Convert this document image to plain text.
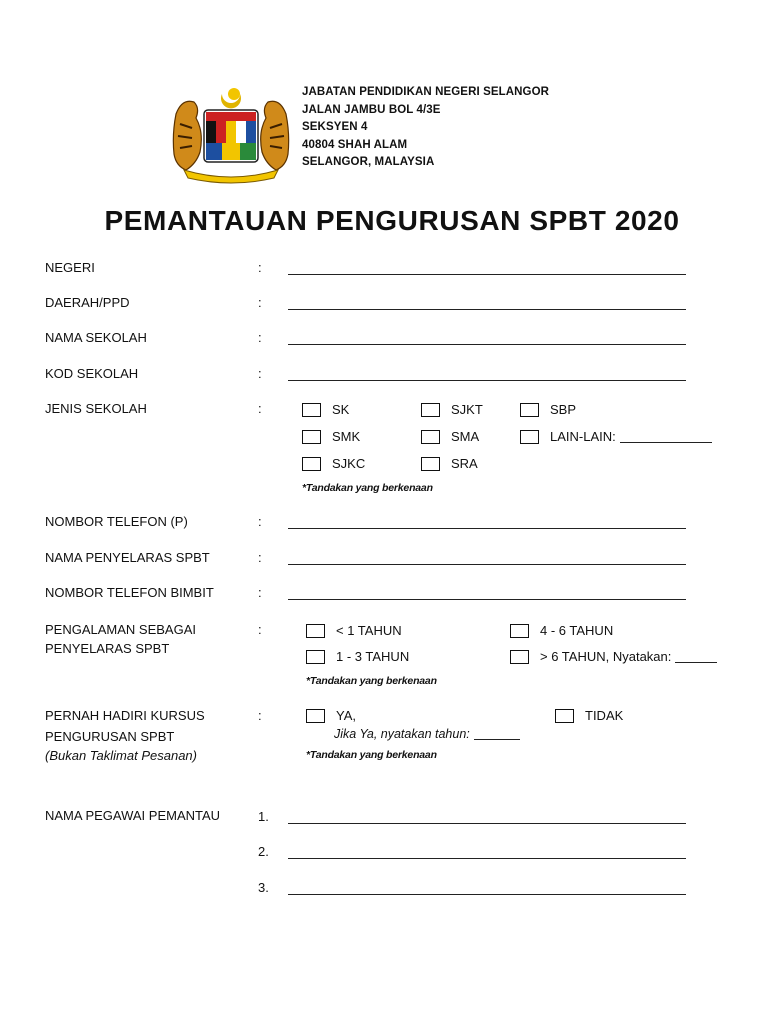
JABATAN PENDIDIKAN NEGERI SELANGOR
JALAN JAMBU BOL 4/3E
SEKSYEN 4
40804 SHAH ALAM
SELANGOR, MALAYSIA
PEMANTAUAN PENGURUSAN SPBT 2020
NEGERI	:
DAERAH/PPD	:
NAMA SEKOLAH	:
KOD SEKOLAH	:
JENIS SEKOLAH	:	SK	SJKT	SBP
SMK	SMA	LAIN-LAIN:
SJKC	SRA
*Tandakan yang berkenaan
NOMBOR TELEFON (P)	:
NAMA PENYELARAS SPBT	:
NOMBOR TELEFON BIMBIT	:
PENGALAMAN SEBAGAI
PENYELARAS SPBT
:	< 1 TAHUN	4 - 6 TAHUN
1 - 3 TAHUN	> 6 TAHUN, Nyatakan:
*Tandakan yang berkenaan
PERNAH HADIRI KURSUS
PENGURUSAN SPBT
(Bukan Taklimat Pesanan)
:	YA,	TIDAK
Jika Ya, nyatakan tahun:
*Tandakan yang berkenaan
NAMA PEGAWAI PEMANTAU	1.
2.
3.
